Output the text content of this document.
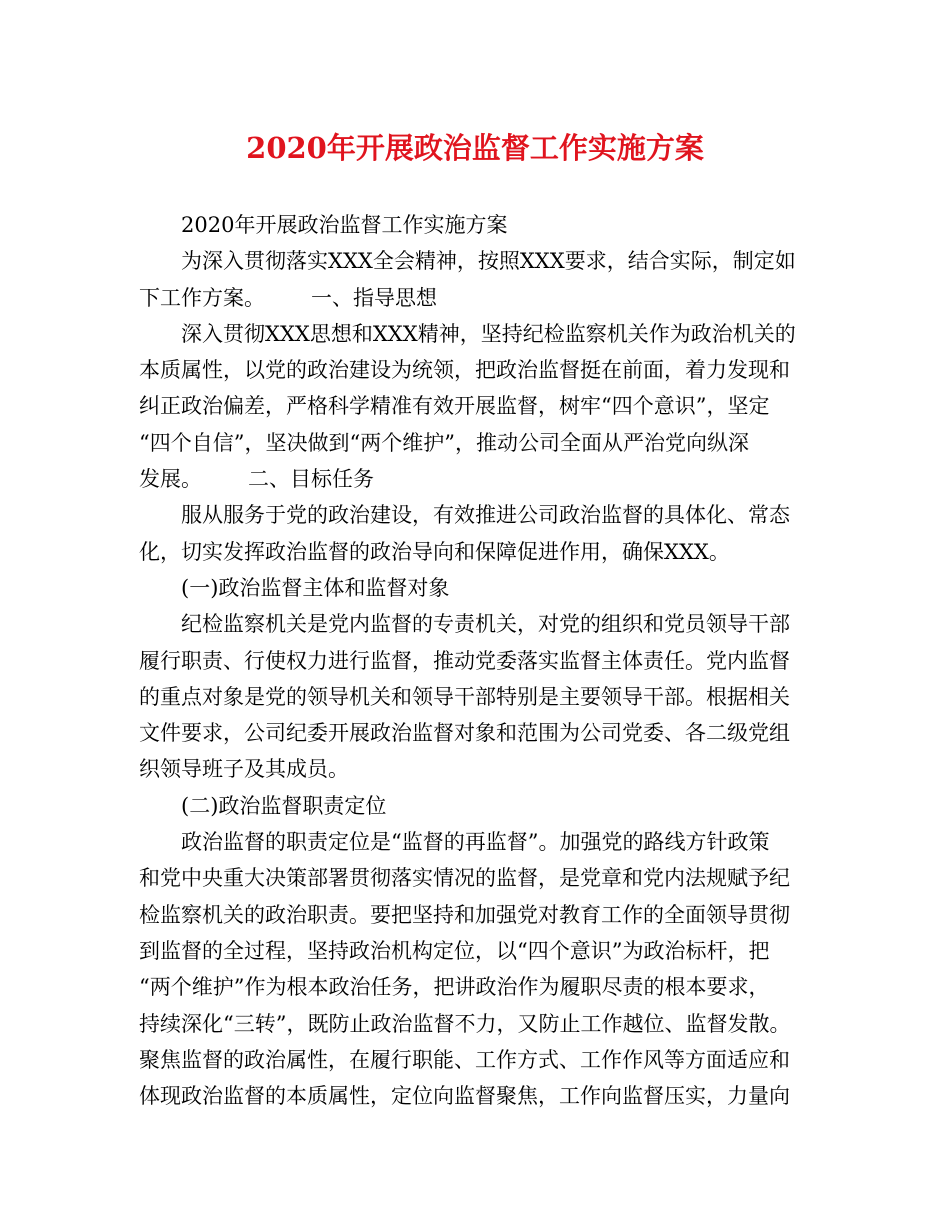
2020年开展政治监督工作实施方案
2020年开展政治监督工作实施方案
为深入贯彻落实XXX全会精神，按照XXX要求，结合实际，制定如
下工作方案。 一、指导思想
深入贯彻XXX思想和XXX精神，坚持纪检监察机关作为政治机关的
本质属性，以党的政治建设为统领，把政治监督挺在前面，着力发现和
纠正政治偏差，严格科学精准有效开展监督，树牢“四个意识”，坚定
“四个自信”，坚决做到“两个维护”，推动公司全面从严治党向纵深
发展。 二、目标任务
服从服务于党的政治建设，有效推进公司政治监督的具体化、常态
化，切实发挥政治监督的政治导向和保障促进作用，确保XXX。
(一)政治监督主体和监督对象
纪检监察机关是党内监督的专责机关，对党的组织和党员领导干部
履行职责、行使权力进行监督，推动党委落实监督主体责任。党内监督
的重点对象是党的领导机关和领导干部特别是主要领导干部。根据相关
文件要求，公司纪委开展政治监督对象和范围为公司党委、各二级党组
织领导班子及其成员。
(二)政治监督职责定位
政治监督的职责定位是“监督的再监督”。加强党的路线方针政策
和党中央重大决策部署贯彻落实情况的监督，是党章和党内法规赋予纪
检监察机关的政治职责。要把坚持和加强党对教育工作的全面领导贯彻
到监督的全过程，坚持政治机构定位，以“四个意识”为政治标杆，把
“两个维护”作为根本政治任务，把讲政治作为履职尽责的根本要求，
持续深化“三转”，既防止政治监督不力，又防止工作越位、监督发散。
聚焦监督的政治属性，在履行职能、工作方式、工作作风等方面适应和
体现政治监督的本质属性，定位向监督聚焦，工作向监督压实，力量向
